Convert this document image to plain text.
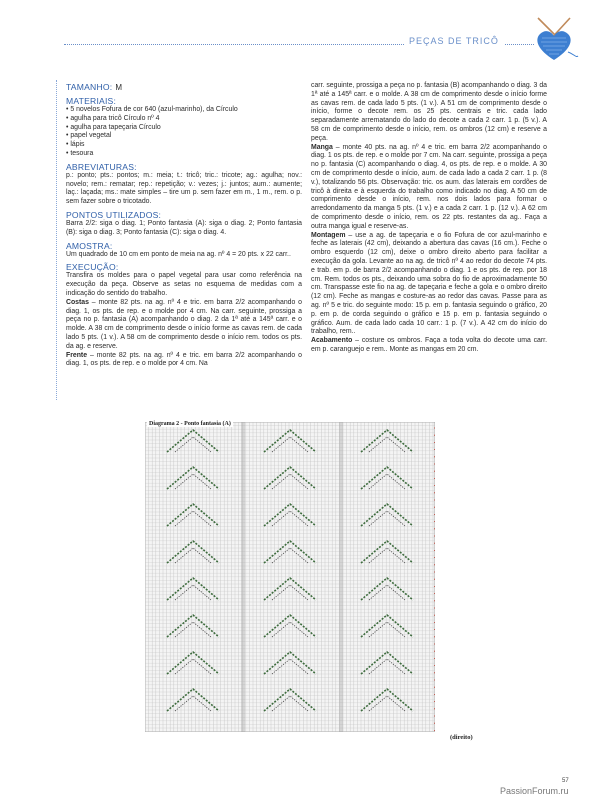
PEÇAS DE TRICÔ
TAMANHO: M
MATERIAIS:
• 5 novelos Fofura de cor 640 (azul-marinho), da Círculo
• agulha para tricô Círculo nº 4
• agulha para tapeçaria Círculo
• papel vegetal
• lápis
• tesoura
ABREVIATURAS:

p.: ponto; pts.: pontos; m.: meia; t.: tricô; tric.: tricote; ag.: agulha; nov.: novelo; rem.: rematar; rep.: repetição; v.: vezes; j.: juntos; aum.: aumente; laç.: laçada; ms.: mate simples – tire um p. sem fazer em m., 1 m., rem. o p. sem fazer sobre o tricotado.

PONTOS UTILIZADOS:

Barra 2/2: siga o diag. 1; Ponto fantasia (A): siga o diag. 2; Ponto fantasia (B): siga o diag. 3; Ponto fantasia (C): siga o diag. 4.

AMOSTRA:

Um quadrado de 10 cm em ponto de meia na ag. nº 4 = 20 pts. x 22 carr..

EXECUÇÃO:

Transfira os moldes para o papel vegetal para usar como referência na execução da peça. Observe as setas no esquema de medidas com a indicação do sentido do trabalho.

Costas – monte 82 pts. na ag. nº 4 e tric. em barra 2/2 acompanhando o diag. 1, os pts. de rep. e o molde por 4 cm. Na carr. seguinte, prossiga a peça no p. fantasia (A) acompanhando o diag. 2 da 1ª até a 145ª carr. e o molde. A 38 cm de comprimento desde o início forme as cavas rem. de cada lado 5 pts. (1 v.). A 58 cm de comprimento desde o início rem. todos os pts. da ag. e reserve.

Frente – monte 82 pts. na ag. nº 4 e tric. em barra 2/2 acompanhando o diag. 1, os pts. de rep. e o molde por 4 cm. Na

carr. seguinte, prossiga a peça no p. fantasia (B) acompanhando o diag. 3 da 1ª até a 145ª carr. e o molde. A 38 cm de comprimento desde o início forme as cavas rem. de cada lado 5 pts. (1 v.). A 51 cm de comprimento desde o início, forme o decote rem. os 25 pts. centrais e tric. cada lado separadamente arrematando do lado do decote a cada 2 carr. 1 p. (5 v.). A 58 cm de comprimento desde o início, rem. os ombros (12 cm) e reserve a peça.

Manga – monte 40 pts. na ag. nº 4 e tric. em barra 2/2 acompanhando o diag. 1 os pts. de rep. e o molde por 7 cm. Na carr. seguinte, prossiga a peça no p. fantasia (C) acompanhando o diag. 4, os pts. de rep. e o molde. A 30 cm de comprimento desde o início, aum. de cada lado a cada 2 carr. 1 p. (8 v.), totalizando 56 pts. Observação: tric. os aum. das laterais em cordões de tricô à direita e à esquerda do trabalho como indicado no diag. A 50 cm de comprimento desde o início, rem. nos dois lados para formar o arredondamento da manga 5 pts. (1 v.) e a cada 2 carr. 1 p. (12 v.). A 62 cm de comprimento desde o início, rem. os 22 pts. restantes da ag.. Faça a outra manga igual e reserve-as.

Montagem – use a ag. de tapeçaria e o fio Fofura de cor azul-marinho e feche as laterais (42 cm), deixando a abertura das cavas (16 cm.). Feche o ombro esquerdo (12 cm), deixe o ombro direito aberto para facilitar a execução da gola. Levante ao na ag. de tricô nº 4 ao redor do decote 74 pts. e trab. em p. de barra 2/2 acompanhando o diag. 1 e os pts. de rep. por 18 cm. Rem. todos os pts., deixando uma sobra do fio de aproximadamente 50 cm. Transpasse este fio na ag. de tapeçaria e feche a gola e o ombro direito (12 cm). Feche as mangas e costure-as ao redor das cavas. Passe para as ag. nº 5 e tric. do seguinte modo: 15 p. em p. fantasia seguindo o gráfico, 20 p. em p. de corda seguindo o gráfico e 15 p. em p. fantasia seguindo o gráfico. Aum. de cada lado cada 10 carr.: 1 p. (7 v.). A 42 cm do início do trabalho, rem..

Acabamento – costure os ombros. Faça a toda volta do decote uma carr. em p. caranguejo e rem.. Monte as mangas em 20 cm.

Diagrama 2 - Ponto fantasia (A)
(direito)
57
PassionForum.ru
